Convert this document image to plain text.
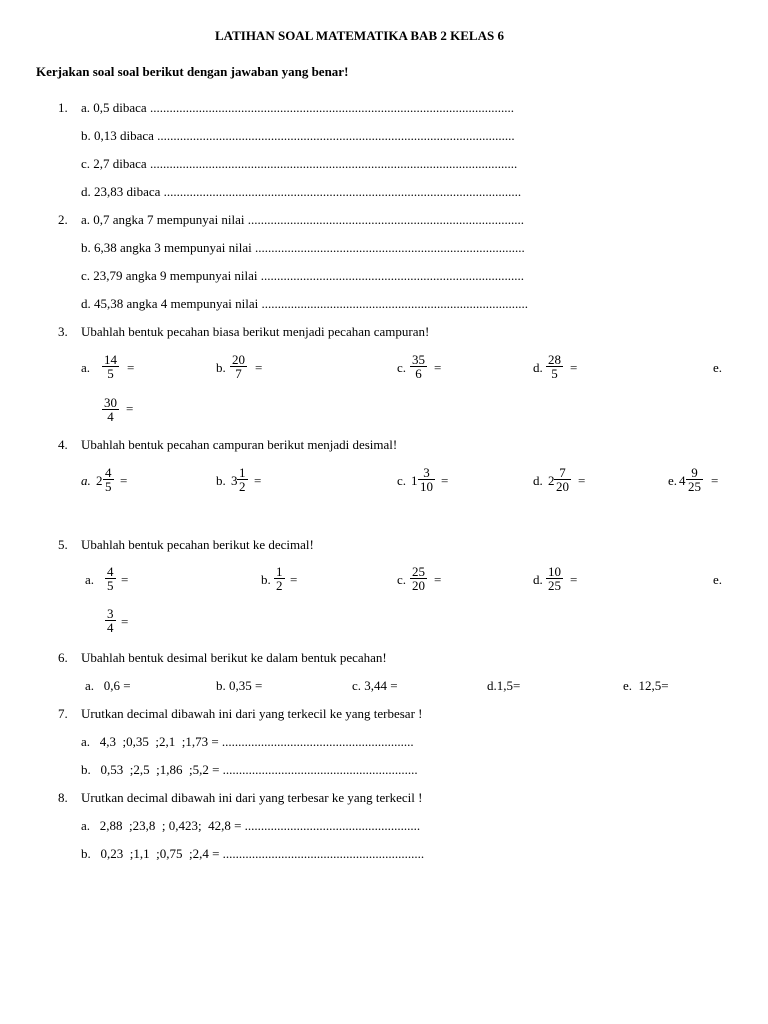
LATIHAN SOAL MATEMATIKA BAB 2 KELAS 6
Kerjakan soal soal berikut dengan jawaban yang benar!
1. a. 0,5 dibaca ................................................................................................................
b. 0,13 dibaca ..............................................................................................................
c. 2,7 dibaca .................................................................................................................
d. 23,83 dibaca ..............................................................................................................
2. a. 0,7 angka 7 mempunyai nilai .....................................................................................
b. 6,38 angka 3 mempunyai nilai ...................................................................................
c. 23,79 angka 9 mempunyai nilai .................................................................................
d. 45,38 angka 4 mempunyai nilai ..................................................................................
3. Ubahlah bentuk pecahan biasa berikut menjadi pecahan campuran!
a. $\frac{14}{5}$ =	b. $\frac{20}{7}$ =	c. $\frac{35}{6}$ =	d. $\frac{28}{5}$ =	e.
$\frac{30}{4}$ =
4. Ubahlah bentuk pecahan campuran berikut menjadi desimal!
a. $2 \frac{4}{5}$ =	b. $3 \frac{1}{2}$ =	c. $1 \frac{3}{10}$ =	d. $2 \frac{7}{20}$ =	e. $4 \frac{9}{25}$ =
5. Ubahlah bentuk pecahan berikut ke decimal!
a. $\frac{4}{5}$ =	b. $\frac{1}{2}$ =	c. $\frac{25}{20}$ =	d. $\frac{10}{25}$ =	e.
$\frac{3}{4}$ =
6. Ubahlah bentuk desimal berikut ke dalam bentuk pecahan!
a.   0,6 =	b. 0,35 =	c. 3,44 =	d.1,5=	e.  12,5=
7. Urutkan decimal dibawah ini dari yang terkecil ke yang terbesar !
a.   4,3  ;0,35  ;2,1  ;1,73 = ...........................................................
b.   0,53  ;2,5  ;1,86  ;5,2 = ............................................................
8. Urutkan decimal dibawah ini dari yang terbesar ke yang terkecil !
a.   2,88  ;23,8  ; 0,423;  42,8 = ......................................................
b.   0,23  ;1,1  ;0,75  ;2,4 = ..............................................................
